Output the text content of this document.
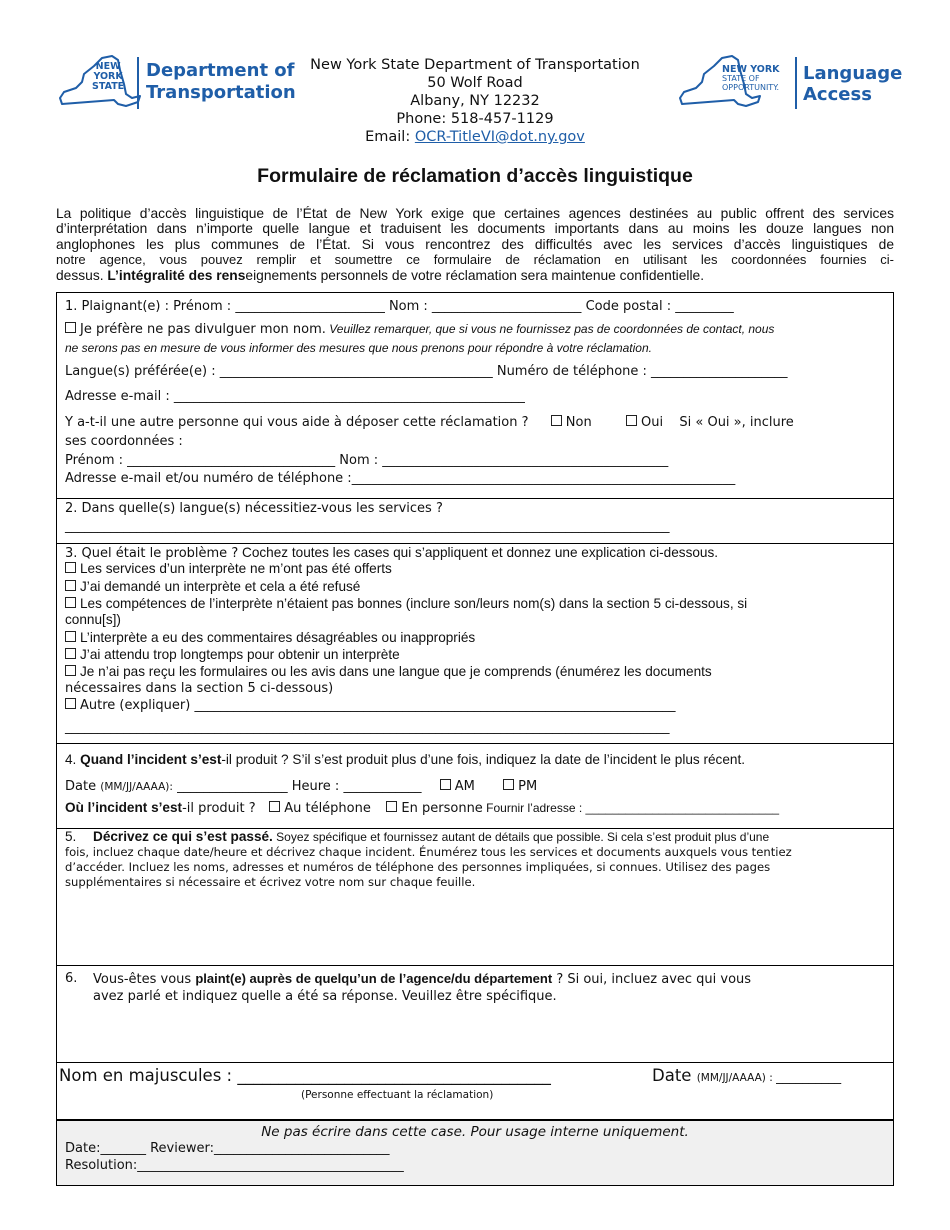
NEW
YORK
STATE
Department of
Transportation
New York State Department of Transportation
50 Wolf Road
Albany, NY 12232
Phone: 518-457-1129
Email: OCR-TitleVI@dot.ny.gov
NEW YORK
STATE OF
OPPORTUNITY.
Language
Access
Formulaire de réclamation d’accès linguistique
La politique d’accès linguistique de l’État de New York exige que certaines agences destinées au public offrent des services
d’interprétation dans n’importe quelle langue et traduisent les documents importants dans au moins les douze langues non
anglophones les plus communes de l’État. Si vous rencontrez des difficultés avec les services d’accès linguistiques de
notre agence, vous pouvez remplir et soumettre ce formulaire de réclamation en utilisant les coordonnées fournies ci-
dessus. L’intégralité des renseignements personnels de votre réclamation sera maintenue confidentielle.
1. Plaignant(e) : Prénom : _______________________ Nom : _______________________ Code postal : _________
Je préfère ne pas divulguer mon nom. Veuillez remarquer, que si vous ne fournissez pas de coordonnées de contact, nous
ne serons pas en mesure de vous informer des mesures que nous prenons pour répondre à votre réclamation.
Langue(s) préférée(e) : __________________________________________ Numéro de téléphone : _____________________
Adresse e-mail : ______________________________________________________
Y a-t-il une autre personne qui vous aide à déposer cette réclamation ?	Non	Oui Si « Oui », inclure
ses coordonnées :
Prénom : ________________________________ Nom : ____________________________________________
Adresse e-mail et/ou numéro de téléphone :___________________________________________________________
2. Dans quelle(s) langue(s) nécessitiez-vous les services ?
_____________________________________________________________________________________________
3. Quel était le problème ? Cochez toutes les cases qui s’appliquent et donnez une explication ci-dessous.
Les services d’un interprète ne m’ont pas été offerts
J’ai demandé un interprète et cela a été refusé
Les compétences de l’interprète n’étaient pas bonnes (inclure son/leurs nom(s) dans la section 5 ci-dessous, si
connu[s])
L’interprète a eu des commentaires désagréables ou inappropriés
J’ai attendu trop longtemps pour obtenir un interprète
Je n’ai pas reçu les formulaires ou les avis dans une langue que je comprends (énumérez les documents
nécessaires dans la section 5 ci-dessous)
Autre (expliquer) __________________________________________________________________________
_____________________________________________________________________________________________
4. Quand l’incident s’est-il produit ? S’il s’est produit plus d’une fois, indiquez la date de l’incident le plus récent.
Date (MM/JJ/AAAA): _________________ Heure : ____________	AM	PM
Où l’incident s’est-il produit ? Au téléphone En personne Fournir l’adresse : _____________________________
5. Décrivez ce qui s’est passé. Soyez spécifique et fournissez autant de détails que possible. Si cela s’est produit plus d’une
fois, incluez chaque date/heure et décrivez chaque incident. Énumérez tous les services et documents auxquels vous tentiez
d’accéder. Incluez les noms, adresses et numéros de téléphone des personnes impliquées, si connues. Utilisez des pages
supplémentaires si nécessaire et écrivez votre nom sur chaque feuille.
6. Vous-êtes vous plaint(e) auprès de quelqu’un de l’agence/du département ? Si oui, incluez avec qui vous
avez parlé et indiquez quelle a été sa réponse. Veuillez être spécifique.
Nom en majuscules : ______________________________________	Date (MM/JJ/AAAA) : __________
(Personne effectuant la réclamation)
Ne pas écrire dans cette case. Pour usage interne uniquement.
Date:_______ Reviewer:___________________________
Resolution:_________________________________________
